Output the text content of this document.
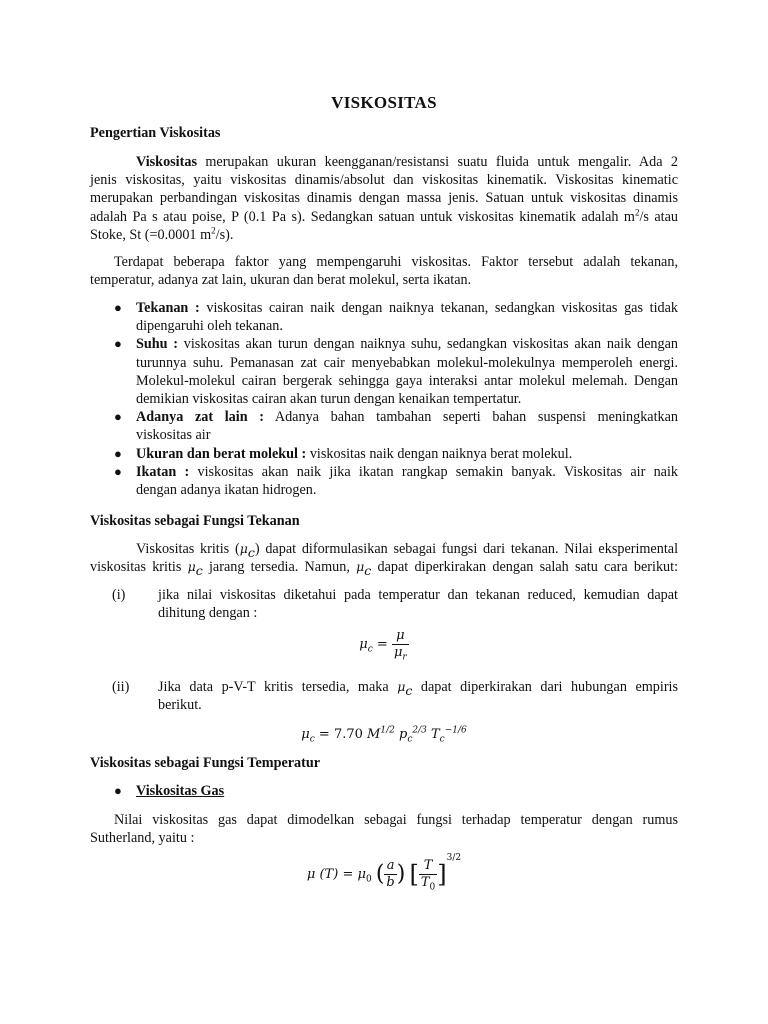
VISKOSITAS
Pengertian Viskositas
Viskositas merupakan ukuran keengganan/resistansi suatu fluida untuk mengalir. Ada 2
jenis viskositas, yaitu viskositas dinamis/absolut dan viskositas kinematik. Viskositas kinematic
merupakan perbandingan viskositas dinamis dengan massa jenis. Satuan untuk viskositas dinamis
adalah Pa s atau poise, P (0.1 Pa s). Sedangkan satuan untuk viskositas kinematik adalah $m^2/s$ atau
Stoke, St (=0.0001 $m^2/s$).
Terdapat beberapa faktor yang mempengaruhi viskositas. Faktor tersebut adalah tekanan,
temperatur, adanya zat lain, ukuran dan berat molekul, serta ikatan.
● Tekanan : viskositas cairan naik dengan naiknya tekanan, sedangkan viskositas gas tidak
dipengaruhi oleh tekanan.
● Suhu : viskositas akan turun dengan naiknya suhu, sedangkan viskositas akan naik dengan
turunnya suhu. Pemanasan zat cair menyebabkan molekul-molekulnya memperoleh energi.
Molekul-molekul cairan bergerak sehingga gaya interaksi antar molekul melemah. Dengan
demikian viskositas cairan akan turun dengan kenaikan tempertatur.
● Adanya zat lain : Adanya bahan tambahan seperti bahan suspensi meningkatkan
viskositas air
● Ukuran dan berat molekul : viskositas naik dengan naiknya berat molekul.
● Ikatan : viskositas akan naik jika ikatan rangkap semakin banyak. Viskositas air naik
dengan adanya ikatan hidrogen.
Viskositas sebagai Fungsi Tekanan
Viskositas kritis $(\mu_c)$ dapat diformulasikan sebagai fungsi dari tekanan. Nilai eksperimental
viskositas kritis $\mu_c$ jarang tersedia. Namun, $\mu_c$ dapat diperkirakan dengan salah satu cara berikut:
(i) jika nilai viskositas diketahui pada temperatur dan tekanan reduced, kemudian dapat
dihitung dengan :
$\mu_c = \frac{\mu}{\mu_r}$
(ii) Jika data p-V-T kritis tersedia, maka $\mu_c$ dapat diperkirakan dari hubungan empiris
berikut.
$\mu_c = 7.70$ $M^{1/2}$ $p_c^{2/3}$ $T_c^{-1/6}$
Viskositas sebagai Fungsi Temperatur
● Viskositas Gas
Nilai viskositas gas dapat dimodelkan sebagai fungsi terhadap temperatur dengan rumus
Sutherland, yaitu :
μ $(T) = \mu_0$ ( $\frac{a}{b}$ ) [ $\frac{T}{T_0} ]^{3/2}$
